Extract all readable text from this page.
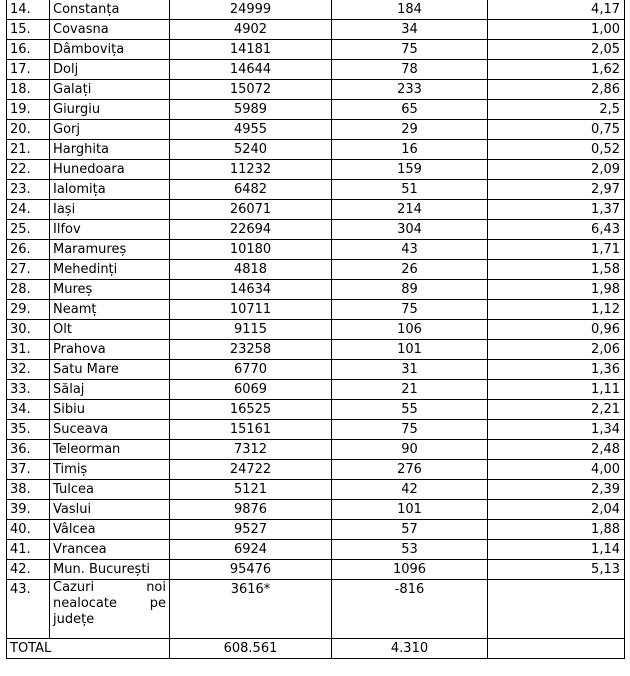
14.	Constanța	24999	184	4,17
15.	Covasna	4902	34	1,00
16.	Dâmbovița	14181	75	2,05
17.	Dolj	14644	78	1,62
18.	Galați	15072	233	2,86
19.	Giurgiu	5989	65	2,5
20.	Gorj	4955	29	0,75
21.	Harghita	5240	16	0,52
22.	Hunedoara	11232	159	2,09
23.	Ialomița	6482	51	2,97
24.	Iași	26071	214	1,37
25.	Ilfov	22694	304	6,43
26.	Maramureș	10180	43	1,71
27.	Mehedinți	4818	26	1,58
28.	Mureș	14634	89	1,98
29.	Neamț	10711	75	1,12
30.	Olt	9115	106	0,96
31.	Prahova	23258	101	2,06
32.	Satu Mare	6770	31	1,36
33.	Sălaj	6069	21	1,11
34.	Sibiu	16525	55	2,21
35.	Suceava	15161	75	1,34
36.	Teleorman	7312	90	2,48
37.	Timiș	24722	276	4,00
38.	Tulcea	5121	42	2,39
39.	Vaslui	9876	101	2,04
40.	Vâlcea	9527	57	1,88
41.	Vrancea	6924	53	1,14
42.	Mun. București	95476	1096	5,13
43.	Cazuri noi
nealocate pe
județe	3616*	-816	
TOTAL		608.561	4.310	
